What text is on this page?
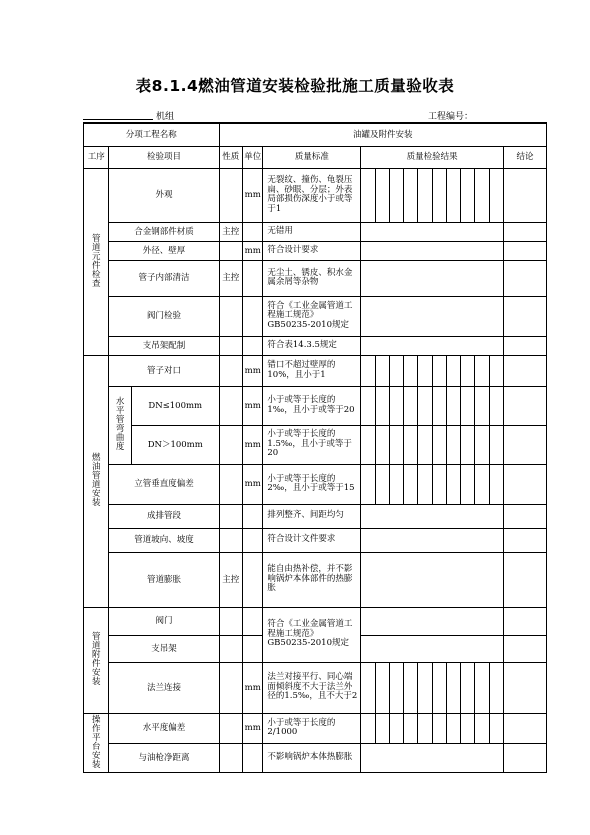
表8.1.4燃油管道安装检验批施工质量验收表
机组	工程编号：
分项工程名称			油罐及附件安装													
工序	检验项目		性质	单位	质量标准	质量检验结果										结论
管道元件检查	外观			mm	无裂纹、撞伤、龟裂压扁、砂眼、分层；外表局部损伤深度小于或等于1											
	合金钢部件材质		主控		无错用											
	外径、壁厚			mm	符合设计要求											
	管子内部清洁		主控		无尘土、锈皮、积水金属余屑等杂物											
	阀门检验				符合《工业金属管道工程施工规范》GB50235-2010规定											
	支吊架配制				符合表14.3.5规定											
燃油管道安装	管子对口			mm	错口不超过壁厚的10%，且小于1											
	水平管弯曲度	DN≤100mm		mm	小于或等于长度的1‰，且小于或等于20											
		DN＞100mm		mm	小于或等于长度的1.5‰，且小于或等于20											
	立管垂直度偏差			mm	小于或等于长度的2‰，且小于或等于15											
	成排管段				排列整齐、间距均匀											
	管道坡向、坡度				符合设计文件要求											
	管道膨胀		主控		能自由热补偿，并不影响锅炉本体部件的热膨胀											
管道附件安装	阀门				符合《工业金属管道工程施工规范》GB50235-2010规定											
	支吊架															
	法兰连接			mm	法兰对接平行、同心端面倾斜度不大于法兰外径的1.5‰，且不大于2											
操作平台安装	水平度偏差			mm	小于或等于长度的2/1000											
	与油枪净距离				不影响锅炉本体热膨胀											
